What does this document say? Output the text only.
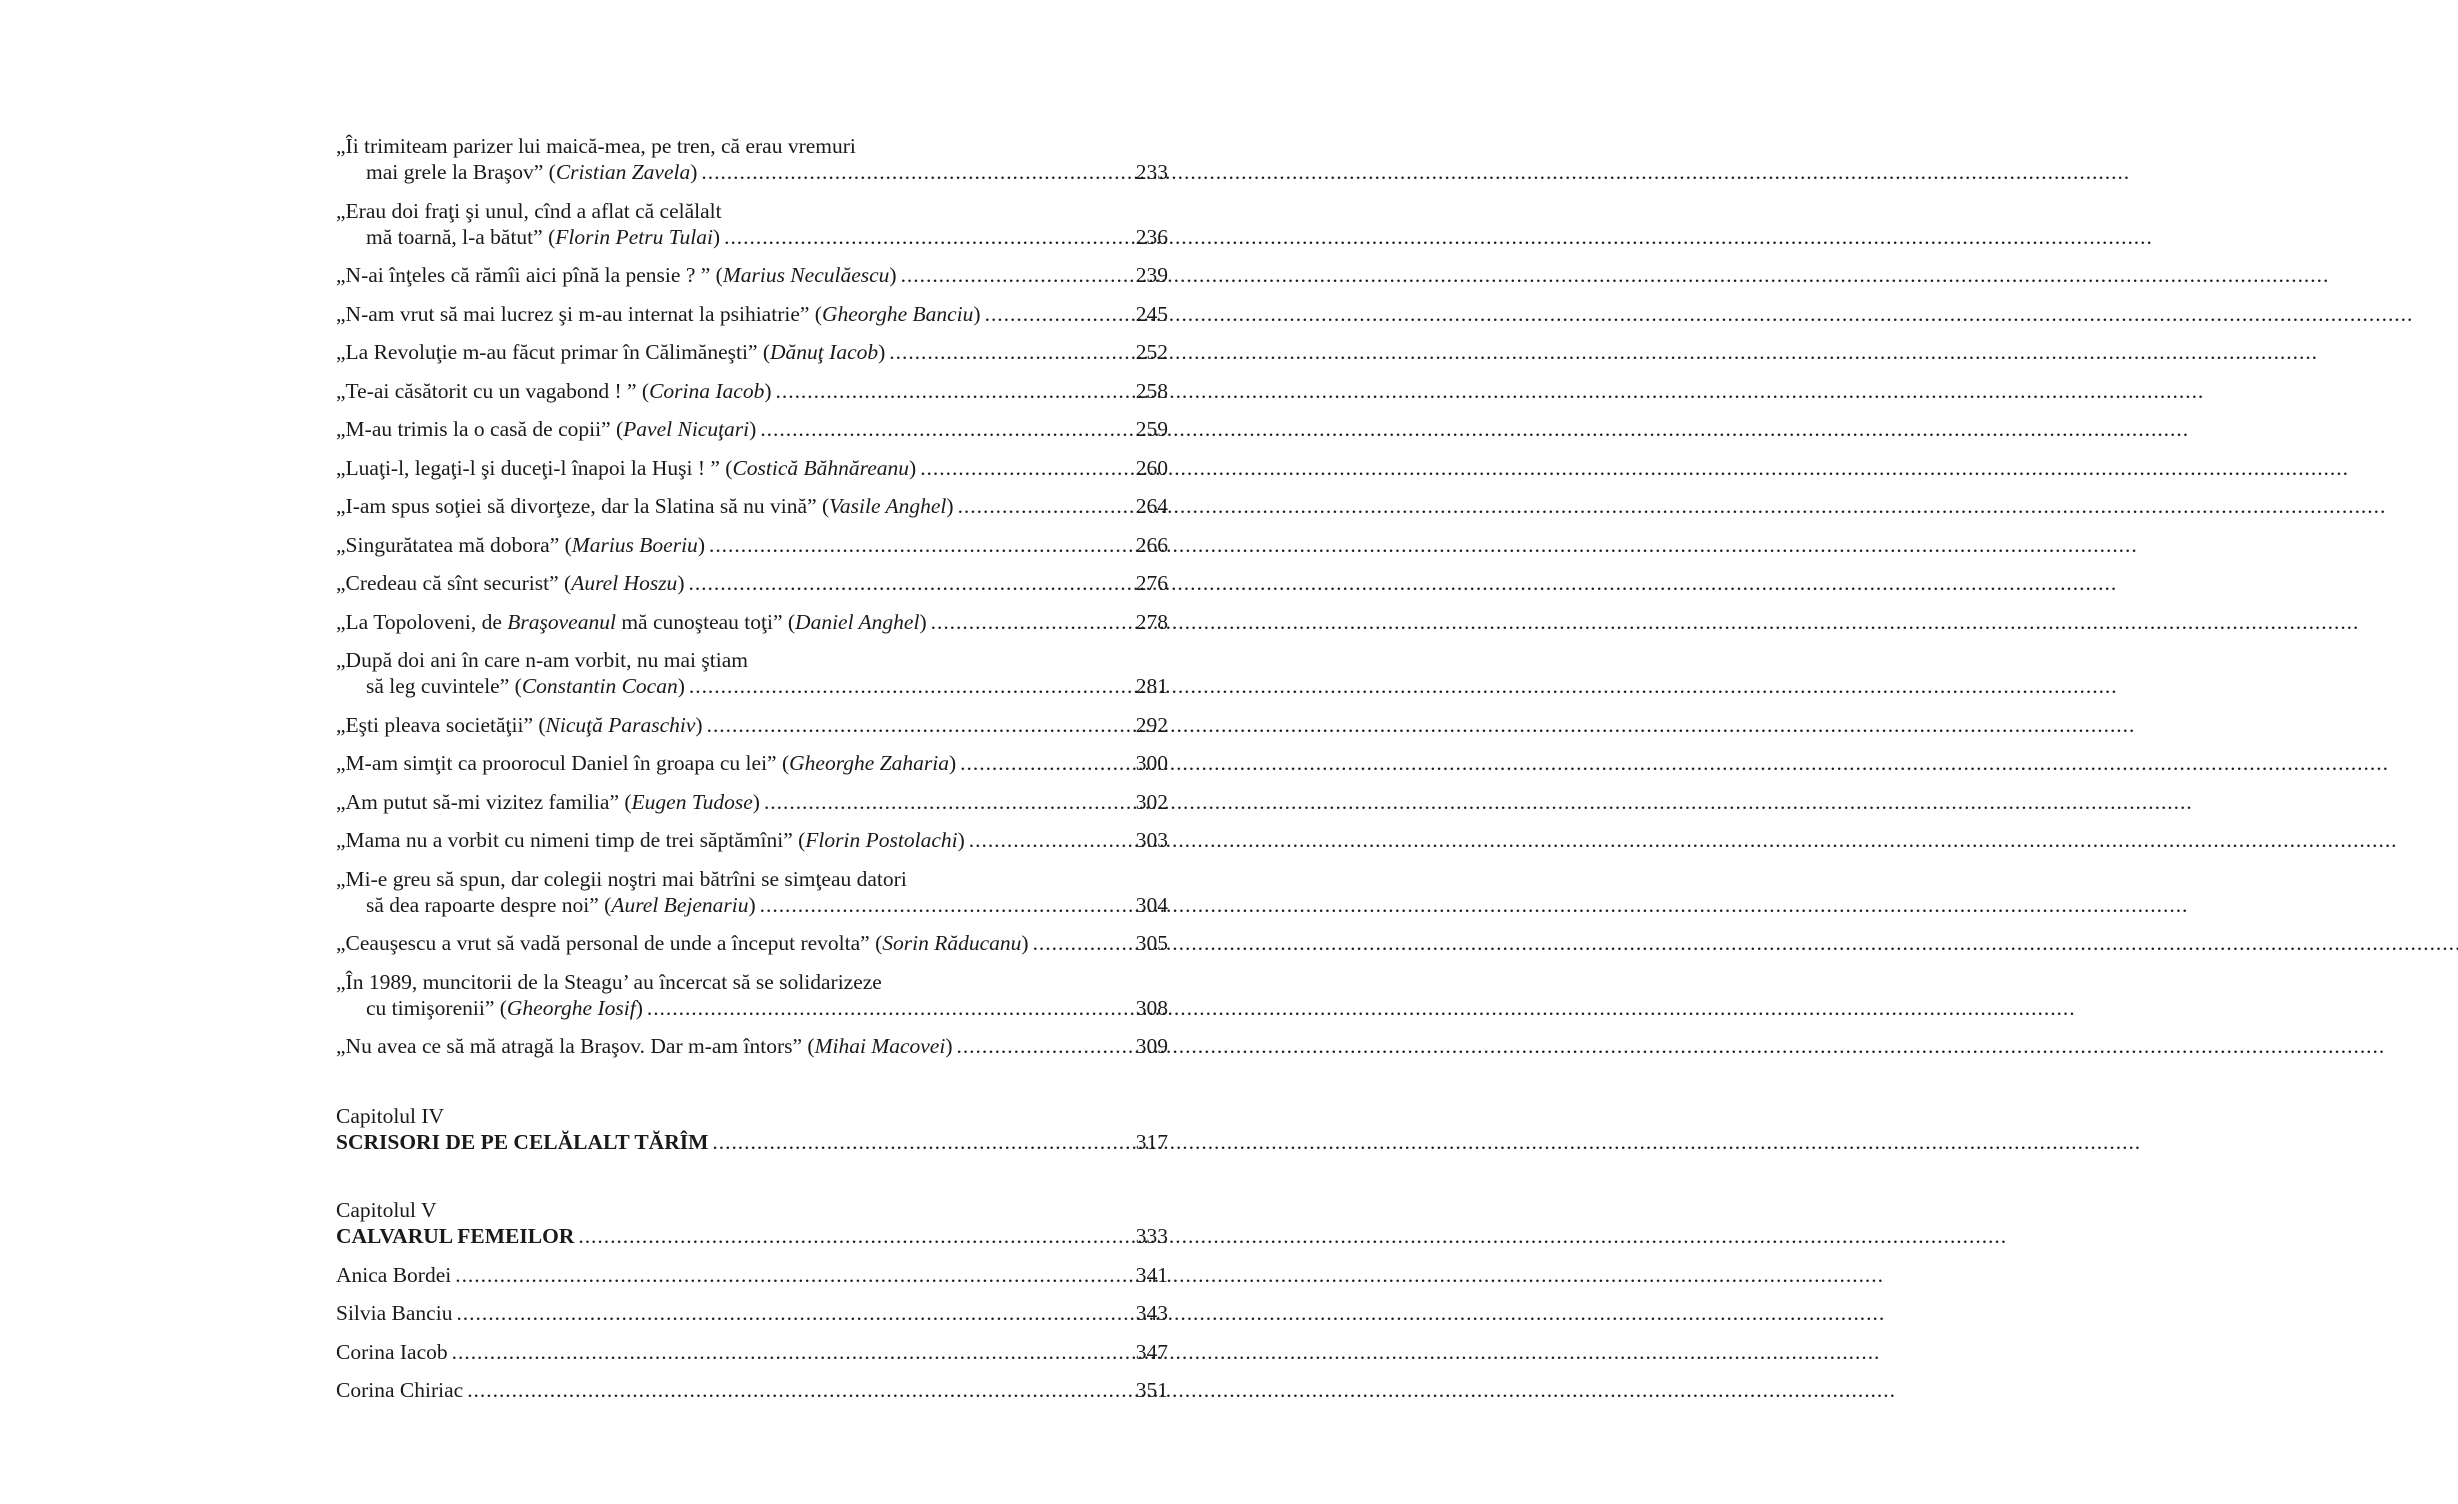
„Îi trimiteam parizer lui maică-mea, pe tren, că erau vremuri
mai grele la Braşov” (Cristian Zavela) . . .	233
„Erau doi fraţi şi unul, cînd a aflat că celălalt
mă toarnă, l-a bătut” (Florin Petru Tulai) . . .	236
„N-ai înţeles că rămîi aici pînă la pensie ? ” (Marius Neculăescu) . . .	239
„N-am vrut să mai lucrez şi m-au internat la psihiatrie” (Gheorghe Banciu) . . .	245
„La Revoluţie m-au făcut primar în Călimăneşti” (Dănuţ Iacob) . . .	252
„Te-ai căsătorit cu un vagabond ! ” (Corina Iacob) . . .	258
„M-au trimis la o casă de copii” (Pavel Nicuţari) . . .	259
„Luaţi-l, legaţi-l şi duceţi-l înapoi la Huşi ! ” (Costică Băhnăreanu) . . .	260
„I-am spus soţiei să divorţeze, dar la Slatina să nu vină” (Vasile Anghel) . . .	264
„Singurătatea mă dobora” (Marius Boeriu) . . .	266
„Credeau că sînt securist” (Aurel Hoszu) . . .	276
„La Topoloveni, de Braşoveanul mă cunoşteau toţi” (Daniel Anghel) . . .	278
„După doi ani în care n-am vorbit, nu mai ştiam
să leg cuvintele” (Constantin Cocan) . . .	281
„Eşti pleava societăţii” (Nicuţă Paraschiv) . . .	292
„M-am simţit ca proorocul Daniel în groapa cu lei” (Gheorghe Zaharia) . . .	300
„Am putut să-mi vizitez familia” (Eugen Tudose) . . .	302
„Mama nu a vorbit cu nimeni timp de trei săptămîni” (Florin Postolachi) . . .	303
„Mi-e greu să spun, dar colegii noştri mai bătrîni se simţeau datori
să dea rapoarte despre noi” (Aurel Bejenariu) . . .	304
„Ceauşescu a vrut să vadă personal de unde a început revolta” (Sorin Răducanu) . . .	305
„În 1989, muncitorii de la Steagu’ au încercat să se solidarizeze
cu timişorenii” (Gheorghe Iosif) . . .	308
„Nu avea ce să mă atragă la Braşov. Dar m-am întors” (Mihai Macovei) . . .	309
Capitolul IV
SCRISORI DE PE CELĂLALT TĂRÎM . . .	317
Capitolul V
CALVARUL FEMEILOR . . .	333
Anica Bordei . . .	341
Silvia Banciu . . .	343
Corina Iacob . . .	347
Corina Chiriac . . .	351
